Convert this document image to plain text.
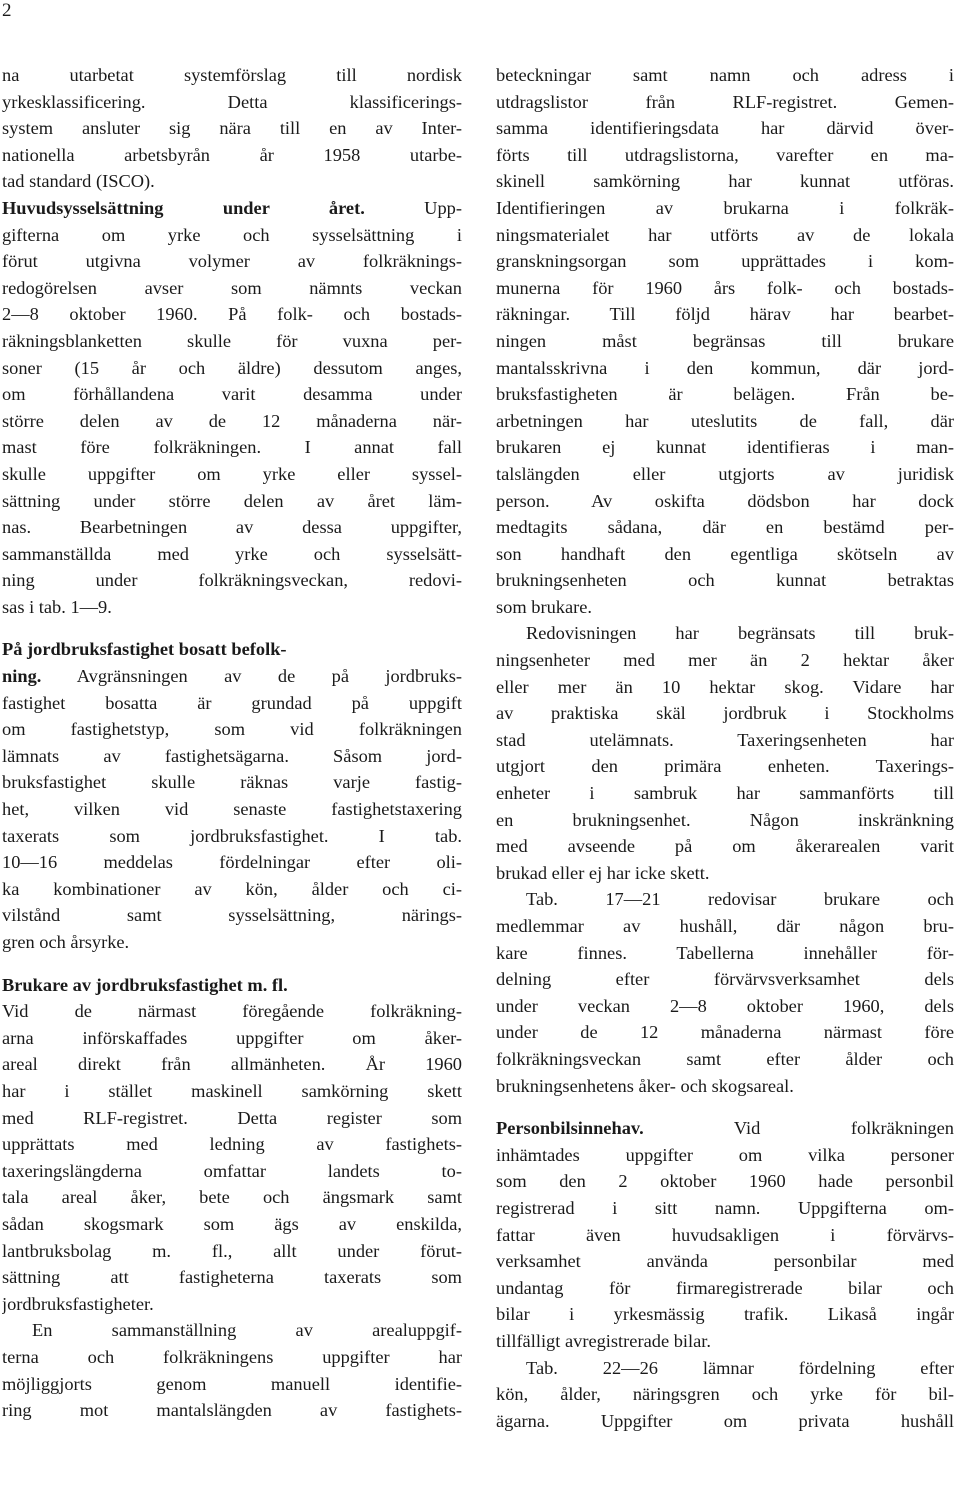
2
na utarbetat systemförslag till nordisk
yrkesklassificering. Detta klassificerings-
system ansluter sig nära till en av Inter-
nationella arbetsbyrån år 1958 utarbe-
tad standard (ISCO).
Huvudsysselsättning under året. Upp-
gifterna om yrke och sysselsättning i
förut utgivna volymer av folkräknings-
redogörelsen avser som nämnts veckan
2—8 oktober 1960. På folk- och bostads-
räkningsblanketten skulle för vuxna per-
soner (15 år och äldre) dessutom anges,
om förhållandena varit desamma under
större delen av de 12 månaderna när-
mast före folkräkningen. I annat fall
skulle uppgifter om yrke eller syssel-
sättning under större delen av året läm-
nas. Bearbetningen av dessa uppgifter,
sammanställda med yrke och sysselsätt-
ning under folkräkningsveckan, redovi-
sas i tab. 1—9.
På jordbruksfastighet bosatt befolk-
ning. Avgränsningen av de på jordbruks-
fastighet bosatta är grundad på uppgift
om fastighetstyp, som vid folkräkningen
lämnats av fastighetsägarna. Såsom jord-
bruksfastighet skulle räknas varje fastig-
het, vilken vid senaste fastighetstaxering
taxerats som jordbruksfastighet. I tab.
10—16 meddelas fördelningar efter oli-
ka kombinationer av kön, ålder och ci-
vilstånd samt sysselsättning, närings-
gren och årsyrke.
Brukare av jordbruksfastighet m. fl.
Vid de närmast föregående folkräkning-
arna införskaffades uppgifter om åker-
areal direkt från allmänheten. År 1960
har i stället maskinell samkörning skett
med RLF-registret. Detta register som
upprättats med ledning av fastighets-
taxeringslängderna omfattar landets to-
tala areal åker, bete och ängsmark samt
sådan skogsmark som ägs av enskilda,
lantbruksbolag m. fl., allt under förut-
sättning att fastigheterna taxerats som
jordbruksfastigheter.
En sammanställning av arealuppgif-
terna och folkräkningens uppgifter har
möjliggjorts genom manuell identifie-
ring mot mantalslängden av fastighets-
beteckningar samt namn och adress i
utdragslistor från RLF-registret. Gemen-
samma identifieringsdata har därvid över-
förts till utdragslistorna, varefter en ma-
skinell samkörning har kunnat utföras.
Identifieringen av brukarna i folkräk-
ningsmaterialet har utförts av de lokala
granskningsorgan som upprättades i kom-
munerna för 1960 års folk- och bostads-
räkningar. Till följd härav har bearbet-
ningen måst begränsas till brukare
mantalsskrivna i den kommun, där jord-
bruksfastigheten är belägen. Från be-
arbetningen har uteslutits de fall, där
brukaren ej kunnat identifieras i man-
talslängden eller utgjorts av juridisk
person. Av oskifta dödsbon har dock
medtagits sådana, där en bestämd per-
son handhaft den egentliga skötseln av
brukningsenheten och kunnat betraktas
som brukare.
Redovisningen har begränsats till bruk-
ningsenheter med mer än 2 hektar åker
eller mer än 10 hektar skog. Vidare har
av praktiska skäl jordbruk i Stockholms
stad utelämnats. Taxeringsenheten har
utgjort den primära enheten. Taxerings-
enheter i sambruk har sammanförts till
en brukningsenhet. Någon inskränkning
med avseende på om åkerarealen varit
brukad eller ej har icke skett.
Tab. 17—21 redovisar brukare och
medlemmar av hushåll, där någon bru-
kare finnes. Tabellerna innehåller för-
delning efter förvärvsverksamhet dels
under veckan 2—8 oktober 1960, dels
under de 12 månaderna närmast före
folkräkningsveckan samt efter ålder och
brukningsenhetens åker- och skogsareal.
Personbilsinnehav. Vid folkräkningen
inhämtades uppgifter om vilka personer
som den 2 oktober 1960 hade personbil
registrerad i sitt namn. Uppgifterna om-
fattar även huvudsakligen i förvärvs-
verksamhet använda personbilar med
undantag för firmaregistrerade bilar och
bilar i yrkesmässig trafik. Likaså ingår
tillfälligt avregistrerade bilar.
Tab. 22—26 lämnar fördelning efter
kön, ålder, näringsgren och yrke för bil-
ägarna. Uppgifter om privata hushåll
